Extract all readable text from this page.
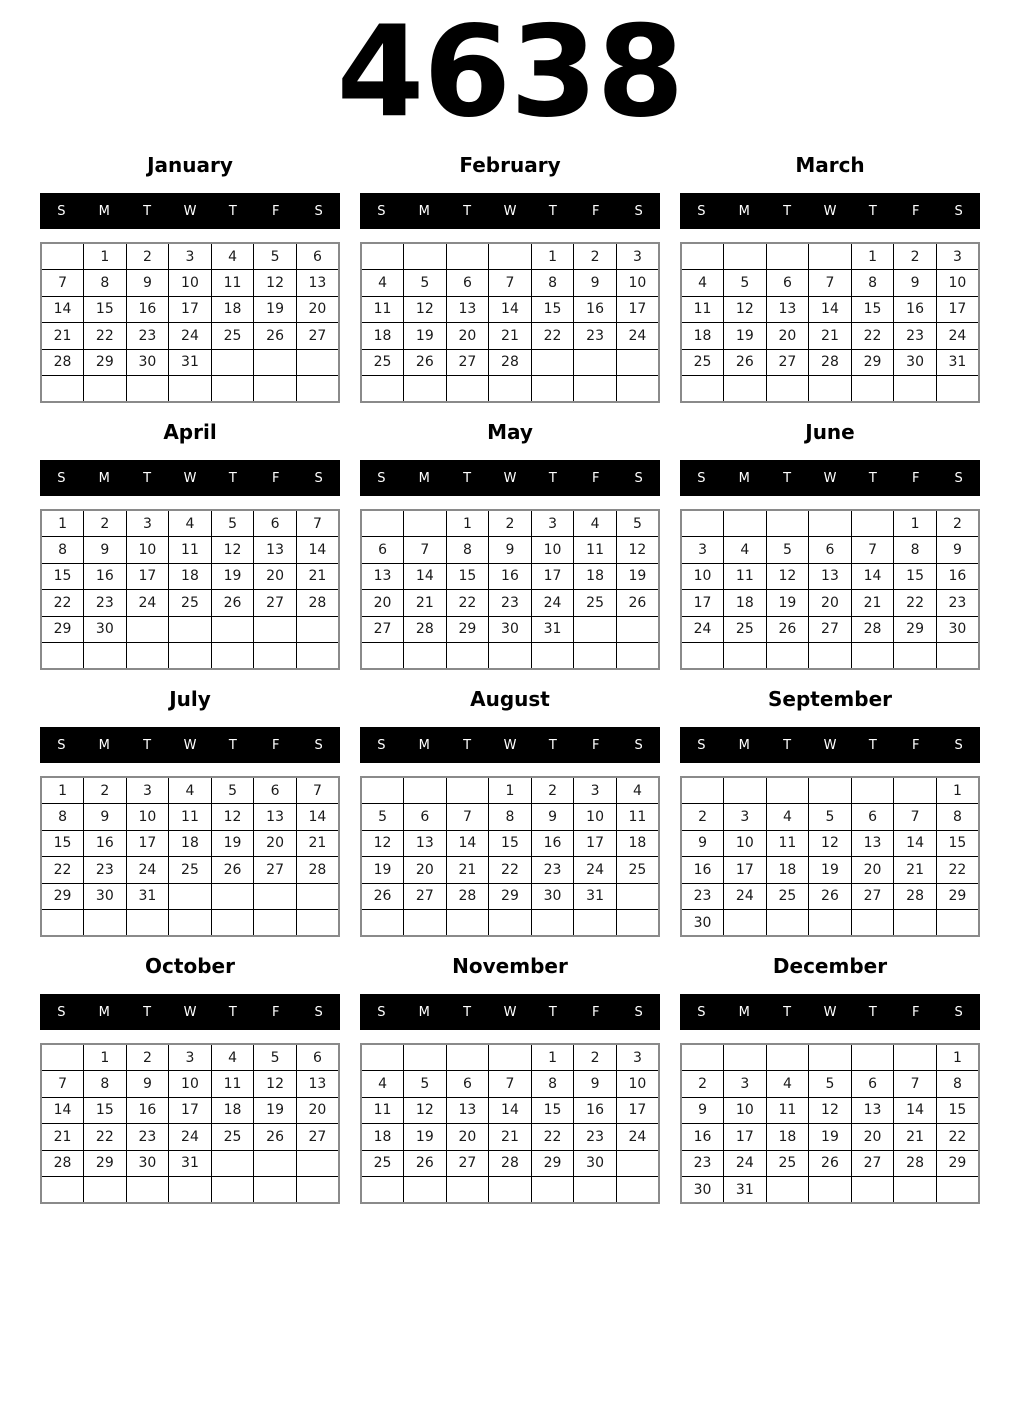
4638
January
S	M	T	W	T	F	S
	1	2	3	4	5	6
7	8	9	10	11	12	13
14	15	16	17	18	19	20
21	22	23	24	25	26	27
28	29	30	31			

February
S	M	T	W	T	F	S
				1	2	3
4	5	6	7	8	9	10
11	12	13	14	15	16	17
18	19	20	21	22	23	24
25	26	27	28			

March
S	M	T	W	T	F	S
				1	2	3
4	5	6	7	8	9	10
11	12	13	14	15	16	17
18	19	20	21	22	23	24
25	26	27	28	29	30	31

April
S	M	T	W	T	F	S
1	2	3	4	5	6	7
8	9	10	11	12	13	14
15	16	17	18	19	20	21
22	23	24	25	26	27	28
29	30					

May
S	M	T	W	T	F	S
		1	2	3	4	5
6	7	8	9	10	11	12
13	14	15	16	17	18	19
20	21	22	23	24	25	26
27	28	29	30	31		

June
S	M	T	W	T	F	S
					1	2
3	4	5	6	7	8	9
10	11	12	13	14	15	16
17	18	19	20	21	22	23
24	25	26	27	28	29	30

July
S	M	T	W	T	F	S
1	2	3	4	5	6	7
8	9	10	11	12	13	14
15	16	17	18	19	20	21
22	23	24	25	26	27	28
29	30	31				

August
S	M	T	W	T	F	S
			1	2	3	4
5	6	7	8	9	10	11
12	13	14	15	16	17	18
19	20	21	22	23	24	25
26	27	28	29	30	31	

September
S	M	T	W	T	F	S
						1
2	3	4	5	6	7	8
9	10	11	12	13	14	15
16	17	18	19	20	21	22
23	24	25	26	27	28	29
30						
October
S	M	T	W	T	F	S
	1	2	3	4	5	6
7	8	9	10	11	12	13
14	15	16	17	18	19	20
21	22	23	24	25	26	27
28	29	30	31			

November
S	M	T	W	T	F	S
				1	2	3
4	5	6	7	8	9	10
11	12	13	14	15	16	17
18	19	20	21	22	23	24
25	26	27	28	29	30	

December
S	M	T	W	T	F	S
						1
2	3	4	5	6	7	8
9	10	11	12	13	14	15
16	17	18	19	20	21	22
23	24	25	26	27	28	29
30	31					
